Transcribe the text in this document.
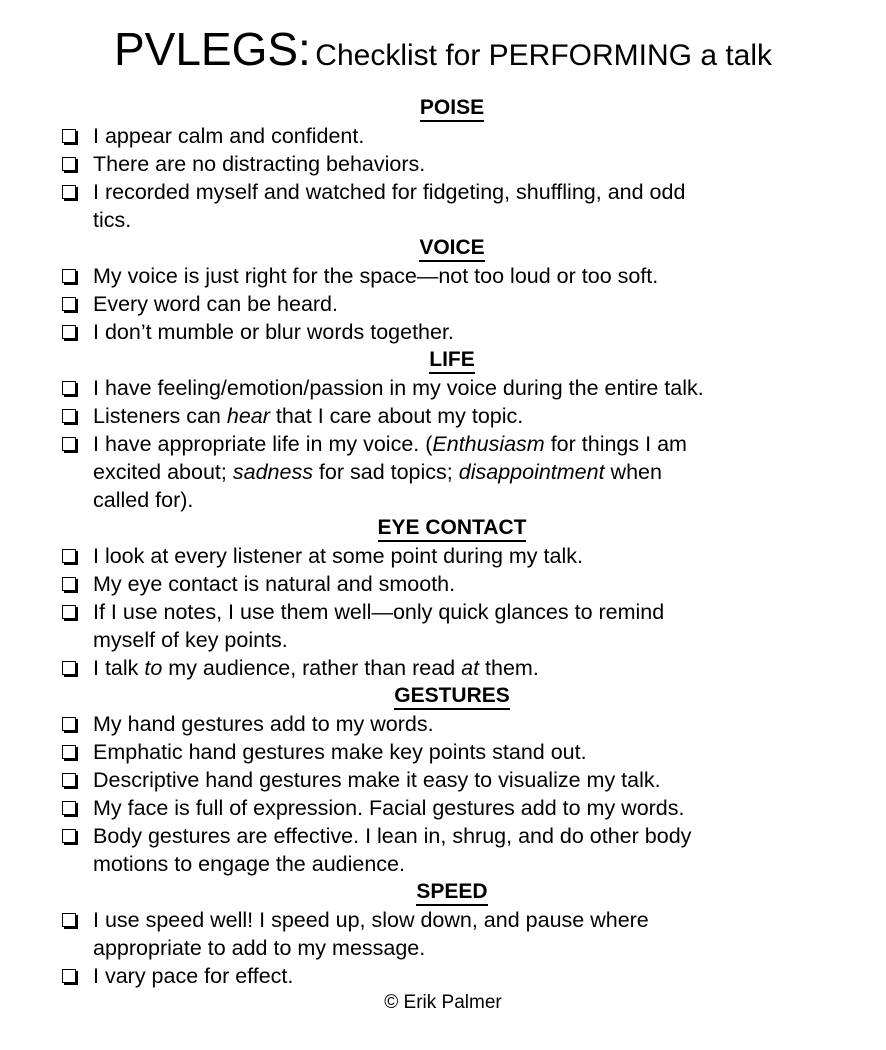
PVLEGS: Checklist for PERFORMING a talk
POISE
I appear calm and confident.
There are no distracting behaviors.
I recorded myself and watched for fidgeting, shuffling, and odd
tics.
VOICE
My voice is just right for the space—not too loud or too soft.
Every word can be heard.
I don’t mumble or blur words together.
LIFE
I have feeling/emotion/passion in my voice during the entire talk.
Listeners can hear that I care about my topic.
I have appropriate life in my voice. (Enthusiasm for things I am
excited about; sadness for sad topics; disappointment when
called for).
EYE CONTACT
I look at every listener at some point during my talk.
My eye contact is natural and smooth.
If I use notes, I use them well—only quick glances to remind
myself of key points.
I talk to my audience, rather than read at them.
GESTURES
My hand gestures add to my words.
Emphatic hand gestures make key points stand out.
Descriptive hand gestures make it easy to visualize my talk.
My face is full of expression. Facial gestures add to my words.
Body gestures are effective. I lean in, shrug, and do other body
motions to engage the audience.
SPEED
I use speed well! I speed up, slow down, and pause where
appropriate to add to my message.
I vary pace for effect.
© Erik Palmer
